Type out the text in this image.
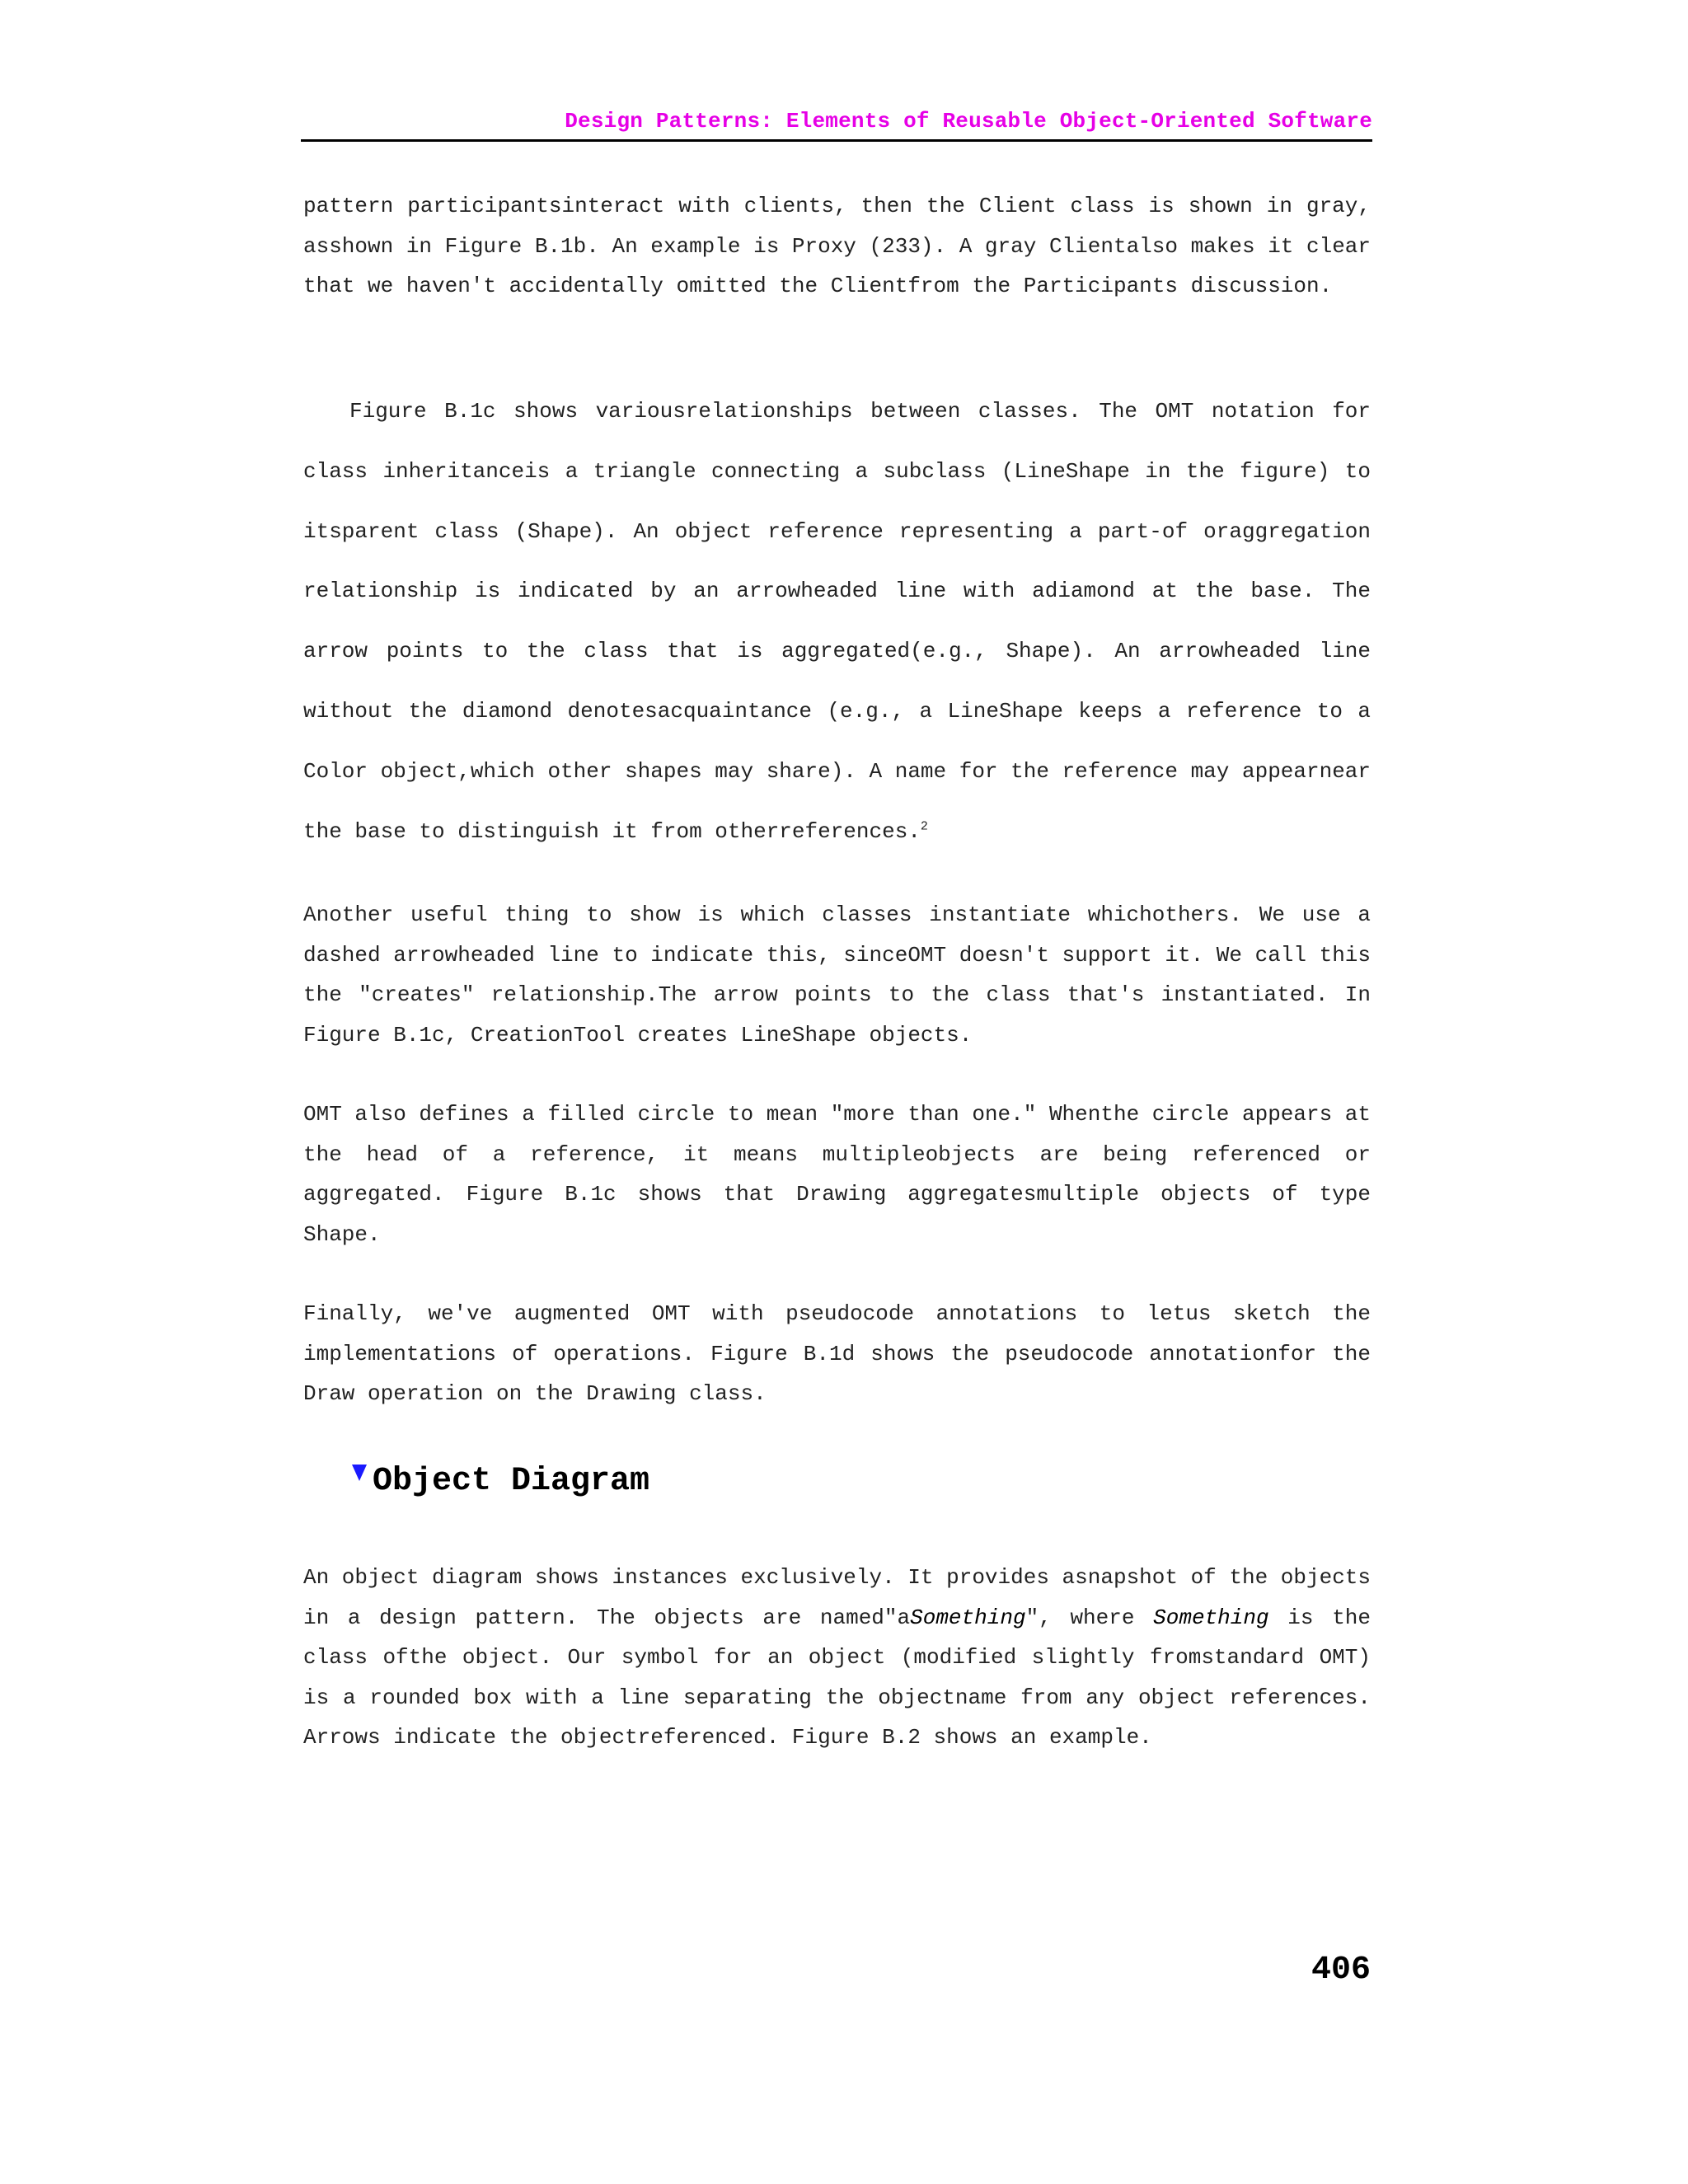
Design Patterns: Elements of Reusable Object-Oriented Software

pattern participantsinteract with clients, then the Client class is shown in gray, asshown in Figure B.1b. An example is Proxy (233). A gray Clientalso makes it clear that we haven't accidentally omitted the Clientfrom the Participants discussion.

Figure B.1c shows variousrelationships between classes. The OMT notation for class inheritanceis a triangle connecting a subclass (LineShape in the figure) to itsparent class (Shape). An object reference representing a part-of oraggregation relationship is indicated by an arrowheaded line with adiamond at the base. The arrow points to the class that is aggregated(e.g., Shape). An arrowheaded line without the diamond denotesacquaintance (e.g., a LineShape keeps a reference to a Color object,which other shapes may share). A name for the reference may appearnear the base to distinguish it from otherreferences.$^2$

Another useful thing to show is which classes instantiate whichothers. We use a dashed arrowheaded line to indicate this, sinceOMT doesn't support it. We call this the "creates" relationship.The arrow points to the class that's instantiated. In Figure B.1c, CreationTool creates LineShape objects.

OMT also defines a filled circle to mean "more than one." Whenthe circle appears at the head of a reference, it means multipleobjects are being referenced or aggregated. Figure B.1c shows that Drawing aggregatesmultiple objects of type Shape.

Finally, we've augmented OMT with pseudocode annotations to letus sketch the implementations of operations. Figure B.1d shows the pseudocode annotationfor the Draw operation on the Drawing class.

Object Diagram

An object diagram shows instances exclusively. It provides asnapshot of the objects in a design pattern. The objects are named"aSomething", where Something is the class ofthe object. Our symbol for an object (modified slightly fromstandard OMT) is a rounded box with a line separating the objectname from any object references. Arrows indicate the objectreferenced. Figure B.2 shows an example.

406
